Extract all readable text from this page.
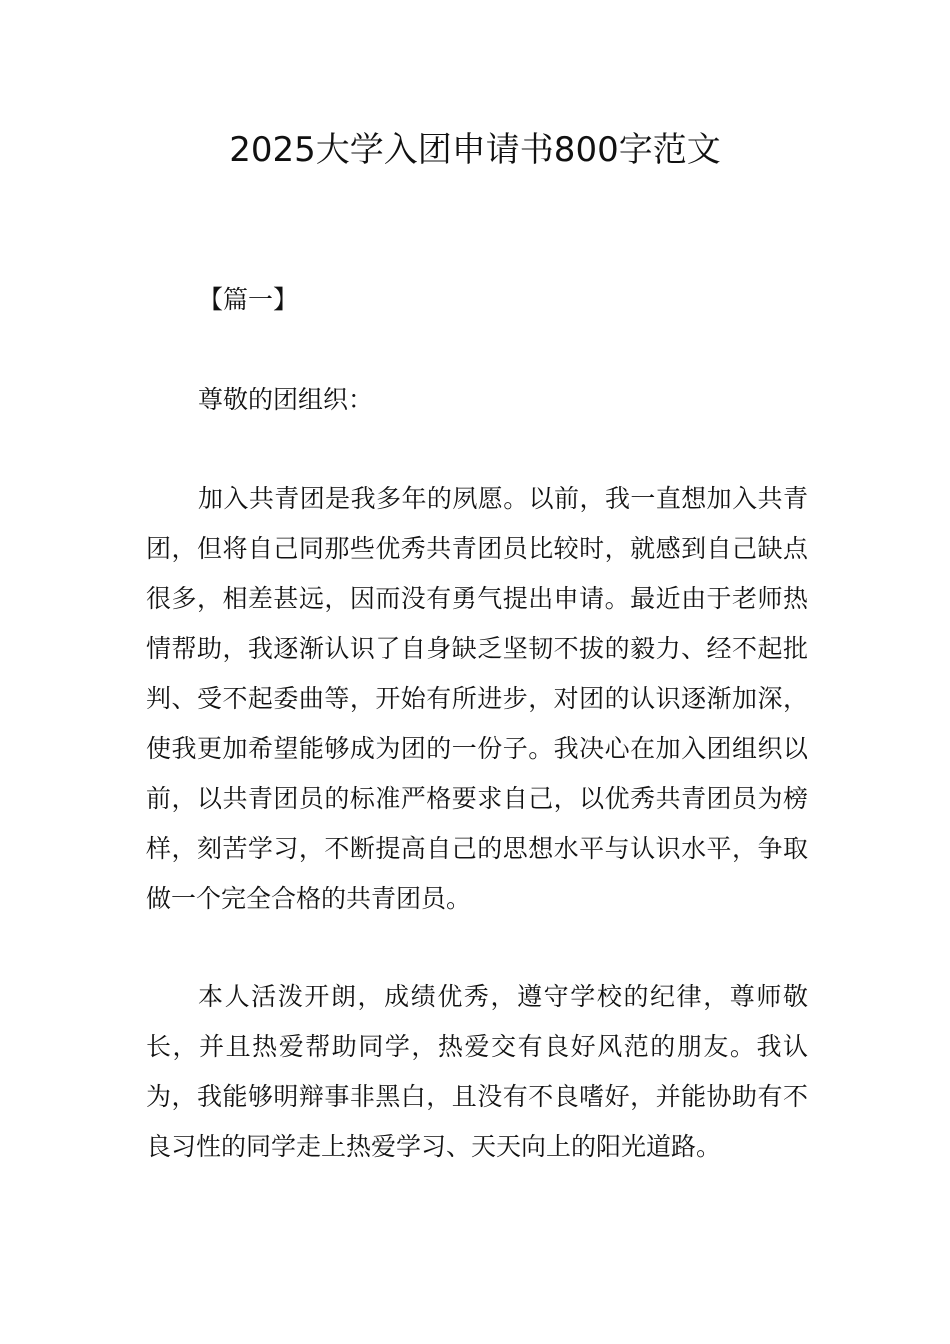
2025大学入团申请书800字范文

【篇一】

尊敬的团组织：

加入共青团是我多年的夙愿。以前，我一直想加入共青团，但将自己同那些优秀共青团员比较时，就感到自己缺点很多，相差甚远，因而没有勇气提出申请。最近由于老师热情帮助，我逐渐认识了自身缺乏坚韧不拔的毅力、经不起批判、受不起委曲等，开始有所进步，对团的认识逐渐加深，使我更加希望能够成为团的一份子。我决心在加入团组织以前，以共青团员的标准严格要求自己，以优秀共青团员为榜样，刻苦学习，不断提高自己的思想水平与认识水平，争取做一个完全合格的共青团员。

本人活泼开朗，成绩优秀，遵守学校的纪律，尊师敬长，并且热爱帮助同学，热爱交有良好风范的朋友。我认为，我能够明辩事非黑白，且没有不良嗜好，并能协助有不良习性的同学走上热爱学习、天天向上的阳光道路。
